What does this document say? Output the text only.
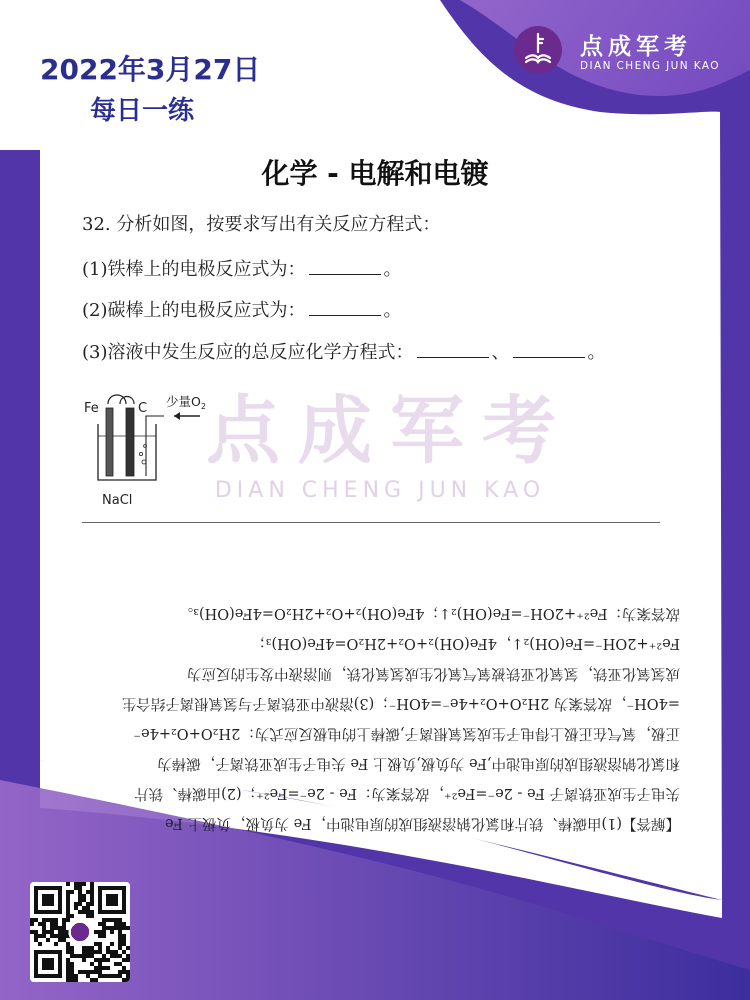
2022年3月27日
每日一练
点成军考
DIAN CHENG JUN KAO
化学 - 电解和电镀
32. 分析如图，按要求写出有关反应方程式：
(1)铁棒上的电极反应式为：	。
(2)碳棒上的电极反应式为：	。
(3)溶液中发生反应的总反应化学方程式：	、	。
点成军考
DIAN CHENG JUN KAO
Fe	C 少量$O_2$
NaCl
【解答】(1)由碳棒、铁片和氯化钠溶液组成的原电池中，Fe 为负极，负极上 Fe
失电子生成亚铁离子 Fe - 2e⁻=Fe²⁺，故答案为：Fe - 2e⁻=Fe²⁺；(2)由碳棒、铁片
和氯化钠溶液组成的原电池中,Fe 为负极,负极上 Fe 失电子生成亚铁离子，碳棒为
正极，氧气在正极上得电子生成氢氧根离子,碳棒上的电极反应式为：2H₂O+O₂+4e⁻
=4OH⁻，故答案为 2H₂O+O₂+4e⁻=4OH⁻；(3)溶液中亚铁离子与氢氧根离子结合生
成氢氧化亚铁，氢氧化亚铁被氧气氧化生成氢氧化铁，则溶液中发生的反应为
Fe²⁺+2OH⁻=Fe(OH)₂↓，4Fe(OH)₂+O₂+2H₂O=4Fe(OH)₃；
故答案为：Fe²⁺+2OH⁻=Fe(OH)₂↓；4Fe(OH)₂+O₂+2H₂O=4Fe(OH)₃。
